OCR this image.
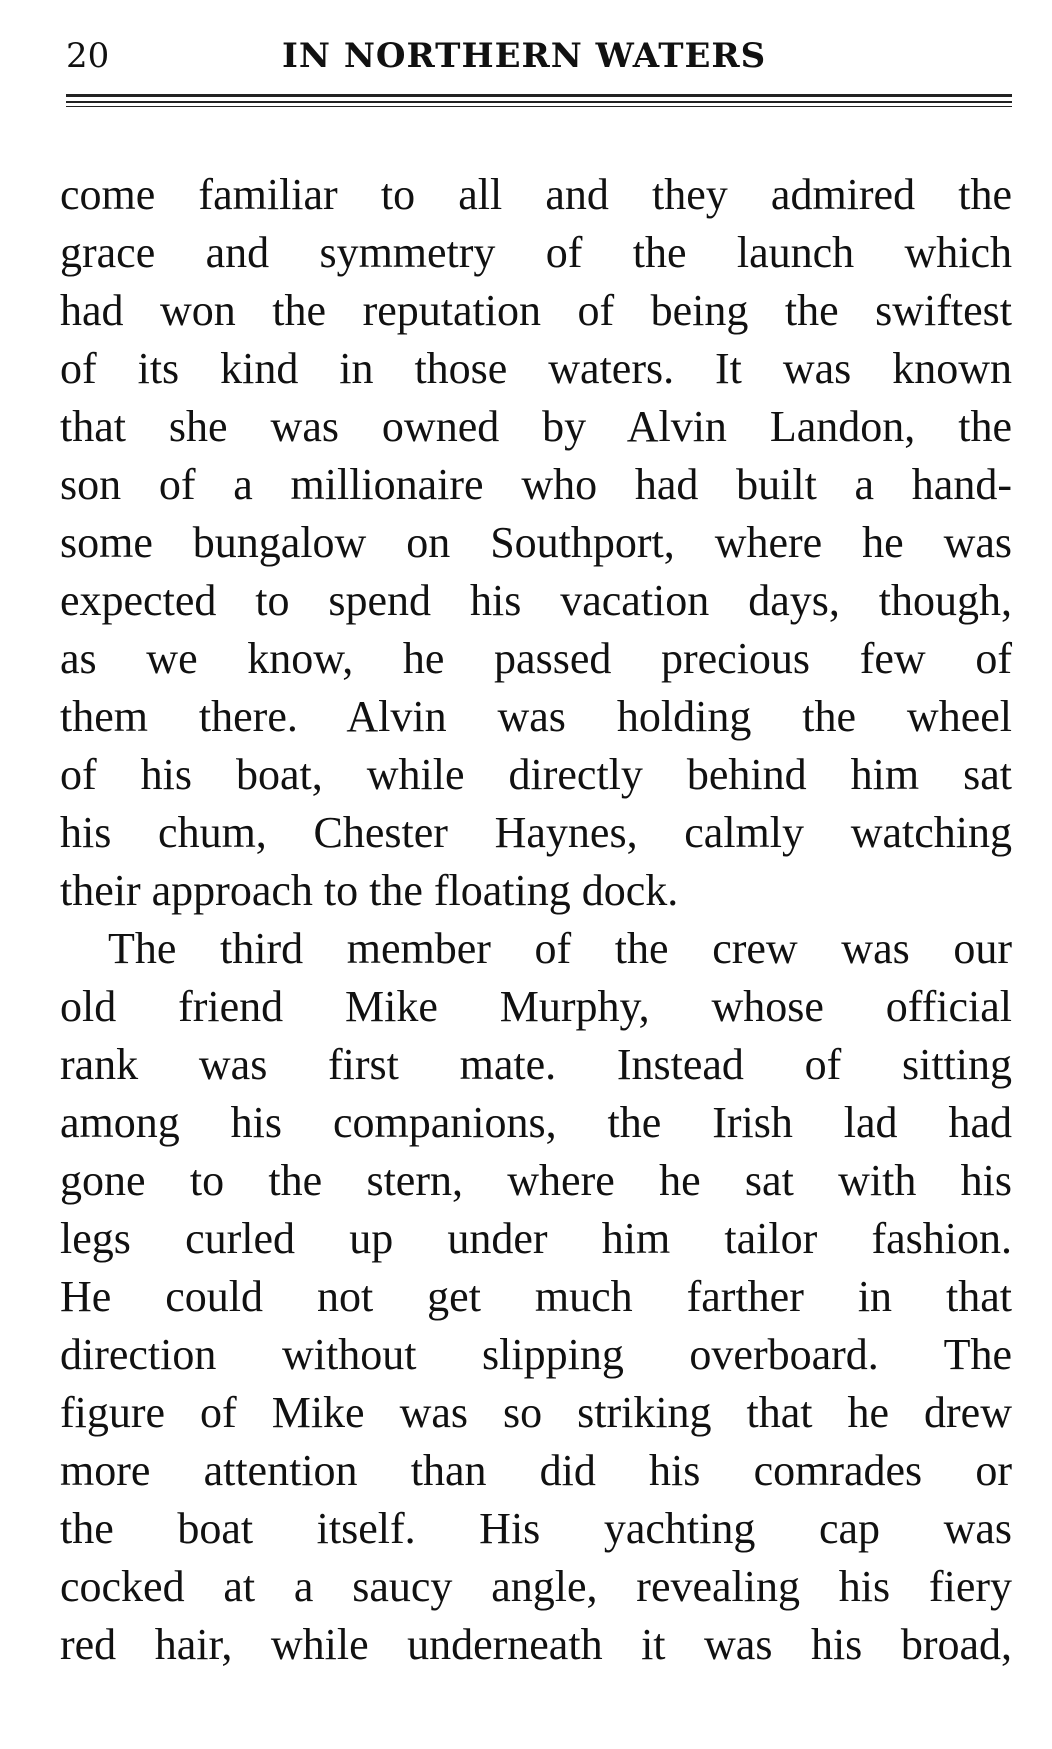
20	IN NORTHERN WATERS
come familiar to all and they admired the
grace and symmetry of the launch which
had won the reputation of being the swiftest
of its kind in those waters. It was known
that she was owned by Alvin Landon, the
son of a millionaire who had built a hand-
some bungalow on Southport, where he was
expected to spend his vacation days, though,
as we know, he passed precious few of
them there. Alvin was holding the wheel
of his boat, while directly behind him sat
his chum, Chester Haynes, calmly watching
their approach to the floating dock.
The third member of the crew was our
old friend Mike Murphy, whose official
rank was first mate. Instead of sitting
among his companions, the Irish lad had
gone to the stern, where he sat with his
legs curled up under him tailor fashion.
He could not get much farther in that
direction without slipping overboard. The
figure of Mike was so striking that he drew
more attention than did his comrades or
the boat itself. His yachting cap was
cocked at a saucy angle, revealing his fiery
red hair, while underneath it was his broad,
